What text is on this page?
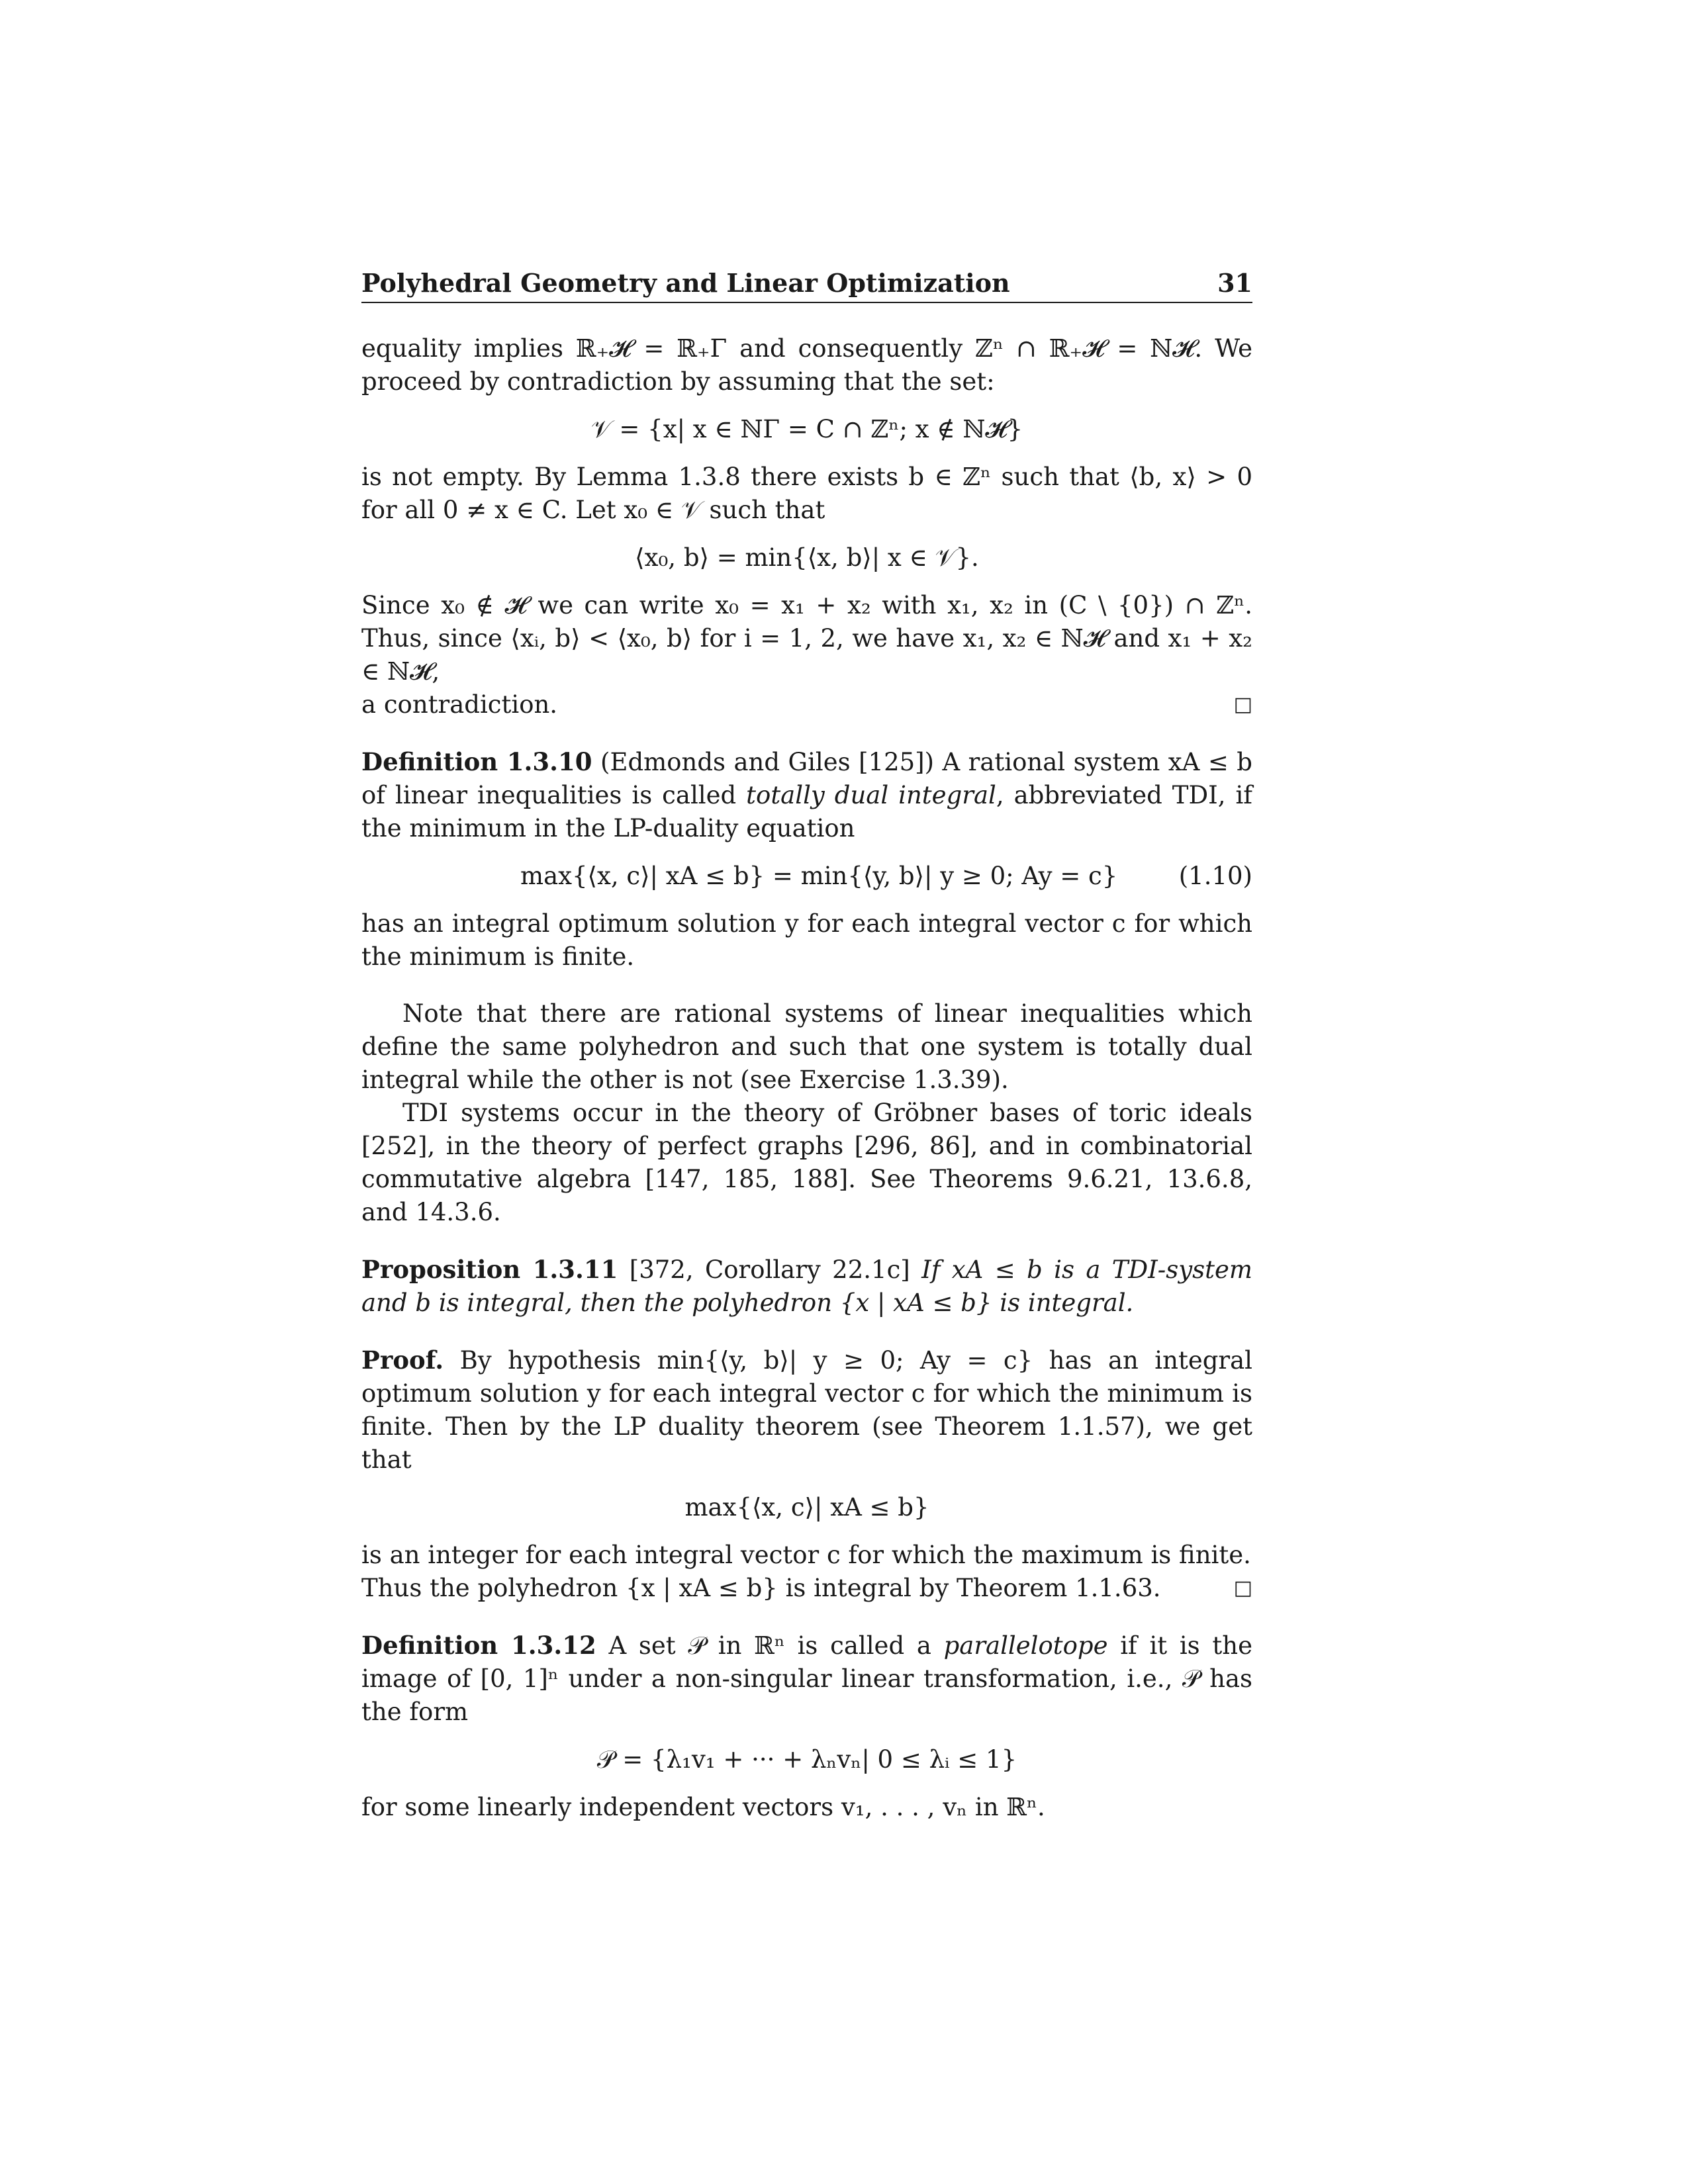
Polyhedral Geometry and Linear Optimization	31

equality implies ℝ₊𝓗 = ℝ₊Γ and consequently ℤⁿ ∩ ℝ₊𝓗 = ℕ𝓗. We proceed by contradiction by assuming that the set:

𝒱 = {x| x ∈ ℕΓ = C ∩ ℤⁿ; x ∉ ℕ𝓗}

is not empty. By Lemma 1.3.8 there exists b ∈ ℤⁿ such that ⟨b, x⟩ > 0 for all 0 ≠ x ∈ C. Let x₀ ∈ 𝒱 such that

⟨x₀, b⟩ = min{⟨x, b⟩| x ∈ 𝒱}.

Since x₀ ∉ 𝓗 we can write x₀ = x₁ + x₂ with x₁, x₂ in (C \ {0}) ∩ ℤⁿ. Thus, since ⟨xᵢ, b⟩ < ⟨x₀, b⟩ for i = 1, 2, we have x₁, x₂ ∈ ℕ𝓗 and x₁ + x₂ ∈ ℕ𝓗,

a contradiction.	□

Definition 1.3.10 (Edmonds and Giles [125]) A rational system xA ≤ b of linear inequalities is called totally dual integral, abbreviated TDI, if the minimum in the LP-duality equation

max{⟨x, c⟩| xA ≤ b} = min{⟨y, b⟩| y ≥ 0; Ay = c} (1.10)

has an integral optimum solution y for each integral vector c for which the minimum is finite.

Note that there are rational systems of linear inequalities which define the same polyhedron and such that one system is totally dual integral while the other is not (see Exercise 1.3.39).

TDI systems occur in the theory of Gröbner bases of toric ideals [252], in the theory of perfect graphs [296, 86], and in combinatorial commutative algebra [147, 185, 188]. See Theorems 9.6.21, 13.6.8, and 14.3.6.

Proposition 1.3.11 [372, Corollary 22.1c] If xA ≤ b is a TDI-system and b is integral, then the polyhedron {x | xA ≤ b} is integral.

Proof. By hypothesis min{⟨y, b⟩| y ≥ 0; Ay = c} has an integral optimum solution y for each integral vector c for which the minimum is finite. Then by the LP duality theorem (see Theorem 1.1.57), we get that

max{⟨x, c⟩| xA ≤ b}

is an integer for each integral vector c for which the maximum is finite.

Thus the polyhedron {x | xA ≤ b} is integral by Theorem 1.1.63.	□

Definition 1.3.12 A set 𝒫 in ℝⁿ is called a parallelotope if it is the image of [0, 1]ⁿ under a non-singular linear transformation, i.e., 𝒫 has the form

𝒫 = {λ₁v₁ + ··· + λₙvₙ| 0 ≤ λᵢ ≤ 1}

for some linearly independent vectors v₁, . . . , vₙ in ℝⁿ.
